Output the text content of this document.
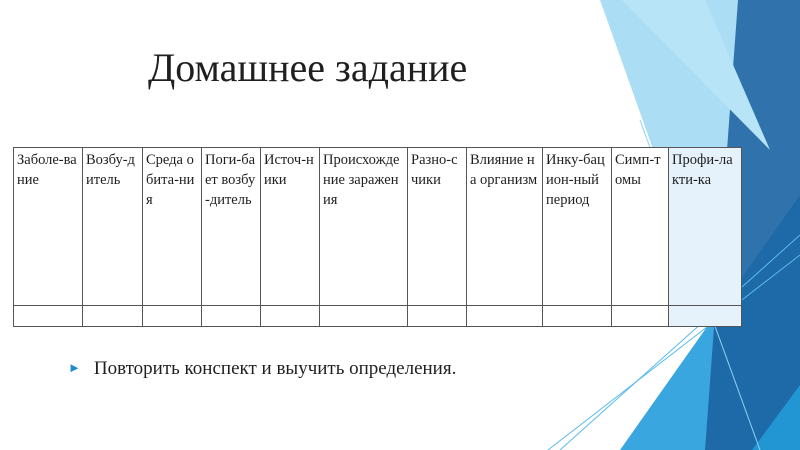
Домашнее задание
Заболе-вание	Возбу-дитель	Среда обита-ния	Поги-бает возбу-дитель	Источ-ники	Происхождение заражения	Разно-счики	Влияние на организм	Инку-бацион-ный период	Симп-томы	Профи-лакти-ка

► Повторить конспект и выучить определения.
